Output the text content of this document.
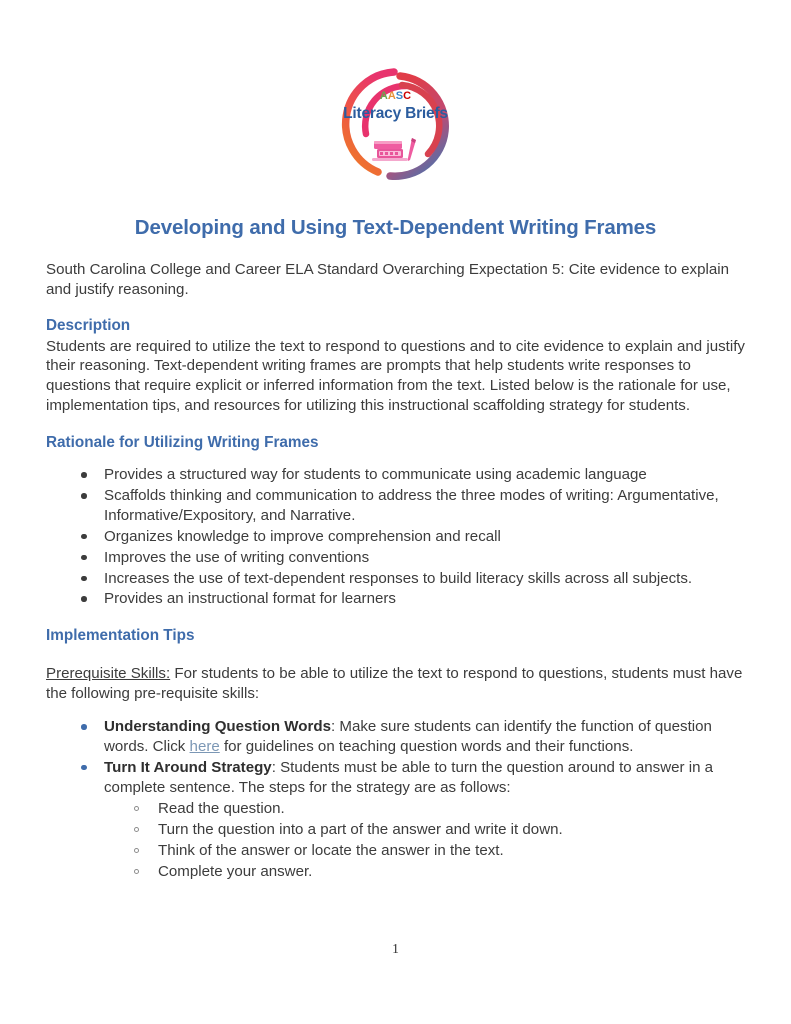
AASC
Literacy Briefs
Developing and Using Text-Dependent Writing Frames

South Carolina College and Career ELA Standard Overarching Expectation 5: Cite evidence to explain and justify reasoning.

Description

Students are required to utilize the text to respond to questions and to cite evidence to explain and justify their reasoning. Text-dependent writing frames are prompts that help students write responses to questions that require explicit or inferred information from the text. Listed below is the rationale for use, implementation tips, and resources for utilizing this instructional scaffolding strategy for students.

Rationale for Utilizing Writing Frames
Provides a structured way for students to communicate using academic language
Scaffolds thinking and communication to address the three modes of writing: Argumentative, Informative/Expository, and Narrative.
Organizes knowledge to improve comprehension and recall
Improves the use of writing conventions
Increases the use of text-dependent responses to build literacy skills across all subjects.
Provides an instructional format for learners
Implementation Tips

Prerequisite Skills: For students to be able to utilize the text to respond to questions, students must have the following pre-requisite skills:

Understanding Question Words: Make sure students can identify the function of question words. Click here for guidelines on teaching question words and their functions.
Turn It Around Strategy: Students must be able to turn the question around to answer in a complete sentence. The steps for the strategy are as follows:
Read the question.
Turn the question into a part of the answer and write it down.
Think of the answer or locate the answer in the text.
Complete your answer.
1
